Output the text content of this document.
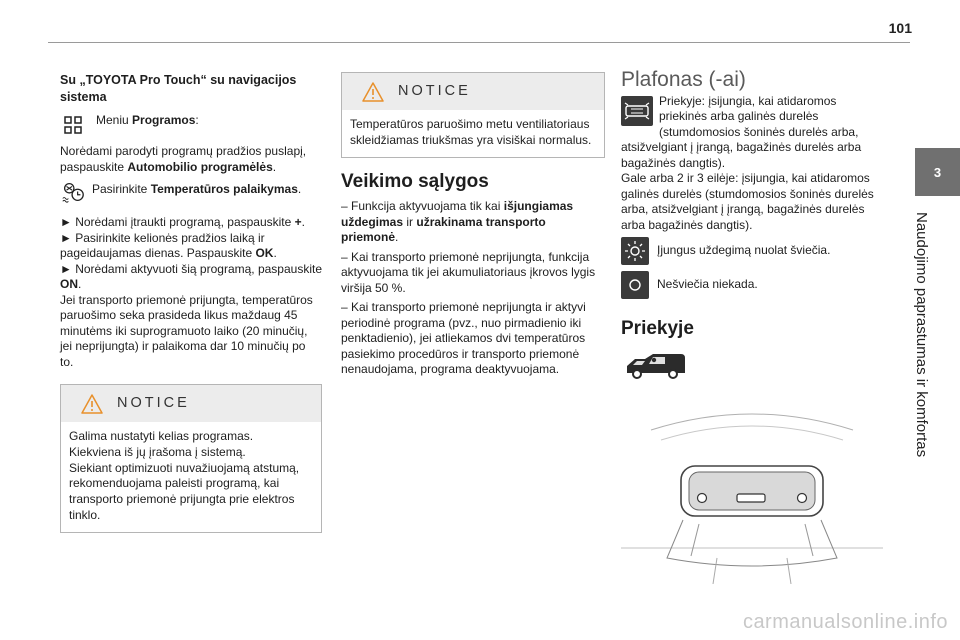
101
3
Naudojimo paprastumas ir komfortas
Su „TOYOTA Pro Touch“ su navigacijos sistema
Meniu Programos:
Norėdami parodyti programų pradžios puslapį, paspauskite Automobilio programėlės.
Pasirinkite Temperatūros palaikymas.
► Norėdami įtraukti programą, paspauskite +.
► Pasirinkite kelionės pradžios laiką ir pageidaujamas dienas. Paspauskite OK.
► Norėdami aktyvuoti šią programą, paspauskite ON.
Jei transporto priemonė prijungta, temperatūros paruošimo seka prasideda likus maždaug 45 minutėms iki suprogramuoto laiko (20 minučių, jei neprijungta) ir palaikoma dar 10 minučių po to.
NOTICE
Galima nustatyti kelias programas.
Kiekviena iš jų įrašoma į sistemą.
Siekiant optimizuoti nuvažiuojamą atstumą, rekomenduojama paleisti programą, kai transporto priemonė prijungta prie elektros tinklo.
NOTICE
Temperatūros paruošimo metu ventiliatoriaus skleidžiamas triukšmas yra visiškai normalus.
Veikimo sąlygos
– Funkcija aktyvuojama tik kai išjungiamas uždegimas ir užrakinama transporto priemonė.
– Kai transporto priemonė neprijungta, funkcija aktyvuojama tik jei akumuliatoriaus įkrovos lygis viršija 50 %.
– Kai transporto priemonė neprijungta ir aktyvi periodinė programa (pvz., nuo pirmadienio iki penktadienio), jei atliekamos dvi temperatūros pasiekimo procedūros ir transporto priemonė nenaudojama, programa deaktyvuojama.
Plafonas (-ai)
Priekyje: įsijungia, kai atidaromos priekinės arba galinės durelės (stumdomosios šoninės durelės arba, atsižvelgiant į įrangą, bagažinės durelės arba bagažinės dangtis).
Gale arba 2 ir 3 eilėje: įsijungia, kai atidaromos galinės durelės (stumdomosios šoninės durelės arba, atsižvelgiant į įrangą, bagažinės durelės arba bagažinės dangtis).
Įjungus uždegimą nuolat šviečia.
Nešviečia niekada.
Priekyje
carmanualsonline.info
